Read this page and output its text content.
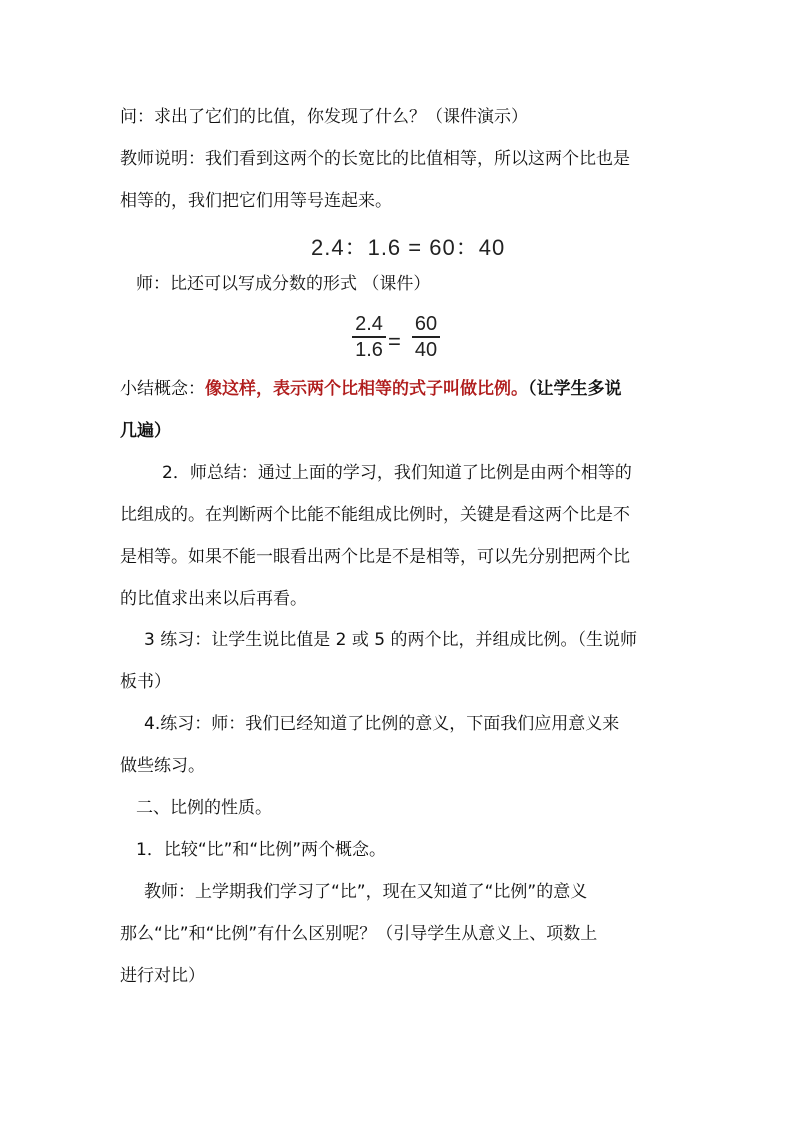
问：求出了它们的比值，你发现了什么？（课件演示）
教师说明：我们看到这两个的长宽比的比值相等，所以这两个比也是
相等的，我们把它们用等号连起来。
2.4：1.6 = 60：40
师：比还可以写成分数的形式 （课件）
2.4
1.6 =
60
40
小结概念：像这样，表示两个比相等的式子叫做比例。（让学生多说
几遍）
2．师总结：通过上面的学习，我们知道了比例是由两个相等的
比组成的。在判断两个比能不能组成比例时，关键是看这两个比是不
是相等。如果不能一眼看出两个比是不是相等，可以先分别把两个比
的比值求出来以后再看。
3 练习：让学生说比值是 2 或 5 的两个比，并组成比例。（生说师
板书）
4.练习：师：我们已经知道了比例的意义，下面我们应用意义来
做些练习。
二、比例的性质。
1．比较“比”和“比例”两个概念。
教师：上学期我们学习了“比”，现在又知道了“比例”的意义
那么“比”和“比例”有什么区别呢？（引导学生从意义上、项数上
进行对比）
